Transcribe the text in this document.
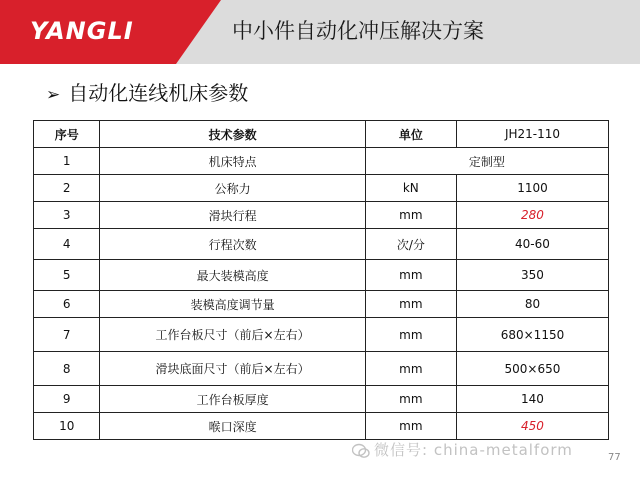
YANGLI	中小件自动化冲压解决方案
➢ 自动化连线机床参数
序号	技术参数	单位	JH21-110
1	机床特点	定制型	
2	公称力	kN	1100
3	滑块行程	mm	280
4	行程次数	次/分	40-60
5	最大装模高度	mm	350
6	装模高度调节量	mm	80
7	工作台板尺寸（前后×左右）	mm	680×1150
8	滑块底面尺寸（前后×左右）	mm	500×650
9	工作台板厚度	mm	140
10	喉口深度	mm	450
微信号: china-metalform	77
